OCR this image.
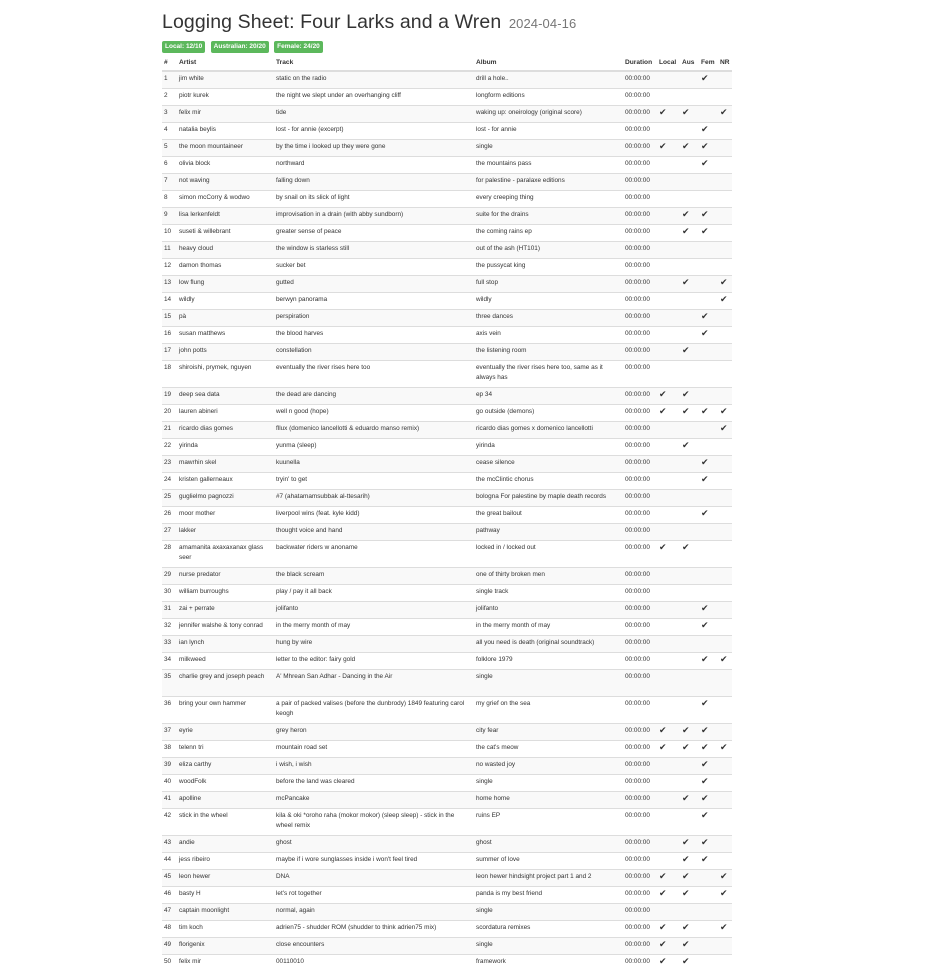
Logging Sheet: Four Larks and a Wren 2024-04-16
Local: 12/10 Australian: 20/20 Female: 24/20
#	Artist	Track	Album	Duration	Local	Aus	Fem	NR
1	jim white	static on the radio	drill a hole..	00:00:00			✔	
2	piotr kurek	the night we slept under an overhanging cliff	longform editions	00:00:00				
3	felix mir	tide	waking up: oneirology (original score)	00:00:00	✔	✔		✔
4	natalia beylis	lost - for annie (excerpt)	lost - for annie	00:00:00			✔	
5	the moon mountaineer	by the time i looked up they were gone	single	00:00:00	✔	✔	✔	
6	olivia block	northward	the mountains pass	00:00:00			✔	
7	not waving	falling down	for palestine - paralaxe editions	00:00:00				
8	simon mcCorry & wodwo	by snail on its slick of light	every creeping thing	00:00:00				
9	lisa lerkenfeldt	improvisation in a drain (with abby sundborn)	suite for the drains	00:00:00		✔	✔	
10	suseti & willebrant	greater sense of peace	the coming rains ep	00:00:00		✔	✔	
11	heavy cloud	the window is starless still	out of the ash (HT101)	00:00:00				
12	damon thomas	sucker bet	the pussycat king	00:00:00				
13	low flung	gutted	full stop	00:00:00		✔		✔
14	wildly	berwyn panorama	wildly	00:00:00				✔
15	pà	perspiration	three dances	00:00:00			✔	
16	susan matthews	the blood harves	axis vein	00:00:00			✔	
17	john potts	constellation	the listening room	00:00:00		✔		
18	shiroishi, prymek, nguyen	eventually the river rises here too	eventually the river rises here too, same as it always has	00:00:00				
19	deep sea data	the dead are dancing	ep 34	00:00:00	✔	✔		
20	lauren abineri	well n good (hope)	go outside (demons)	00:00:00	✔	✔	✔	✔
21	ricardo dias gomes	fllux (domenico lancellotti & eduardo manso remix)	ricardo dias gomes x domenico lancellotti	00:00:00				✔
22	yirinda	yunma (sleep)	yirinda	00:00:00		✔		
23	mawrhin skel	kuunella	cease silence	00:00:00			✔	
24	kristen gallerneaux	tryin' to get	the mcClintic chorus	00:00:00			✔	
25	guglielmo pagnozzi	#7 (ahatamamsubbak al-ttesarih)	bologna For palestine by maple death records	00:00:00				
26	moor mother	liverpool wins (feat. kyle kidd)	the great bailout	00:00:00			✔	
27	lakker	thought voice and hand	pathway	00:00:00				
28	amamanita axaxaxanax glass seer	backwater riders w anoname	locked in / locked out	00:00:00	✔	✔		
29	nurse predator	the black scream	one of thirty broken men	00:00:00				
30	william burroughs	play / pay it all back	single track	00:00:00				
31	zai + perrate	jolifanto	jolifanto	00:00:00			✔	
32	jennifer walshe & tony conrad	in the merry month of may	in the merry month of may	00:00:00			✔	
33	ian lynch	hung by wire	all you need is death (original soundtrack)	00:00:00				
34	milkweed	letter to the editor: fairy gold	folklore 1979	00:00:00			✔	✔
35	charlie grey and joseph peach	A' Mhrean San Adhar - Dancing in the Air	single	00:00:00				
36	bring your own hammer	a pair of packed valises (before the dunbrody) 1849 featuring carol keogh	my grief on the sea	00:00:00			✔	
37	eyrie	grey heron	city fear	00:00:00	✔	✔	✔	
38	telenn tri	mountain road set	the cat's meow	00:00:00	✔	✔	✔	✔
39	eliza carthy	i wish, i wish	no wasted joy	00:00:00			✔	
40	woodFolk	before the land was cleared	single	00:00:00			✔	
41	apolline	mcPancake	home home	00:00:00		✔	✔	
42	stick in the wheel	kila & oki *oroho raha (mokor mokor) (sleep sleep) - stick in the wheel remix	ruins EP	00:00:00			✔	
43	andie	ghost	ghost	00:00:00		✔	✔	
44	jess ribeiro	maybe if i wore sunglasses inside i won't feel tired	summer of love	00:00:00		✔	✔	
45	leon hewer	DNA	leon hewer hindsight project part 1 and 2	00:00:00	✔	✔		✔
46	basty H	let's rot together	panda is my best friend	00:00:00	✔	✔		✔
47	captain moonlight	normal, again	single	00:00:00				
48	tim koch	adrien75 - shudder ROM (shudder to think adrien75 mix)	scordatura remixes	00:00:00	✔	✔		✔
49	florigenix	close encounters	single	00:00:00	✔	✔		
50	felix mir	00110010	framework	00:00:00	✔	✔		
